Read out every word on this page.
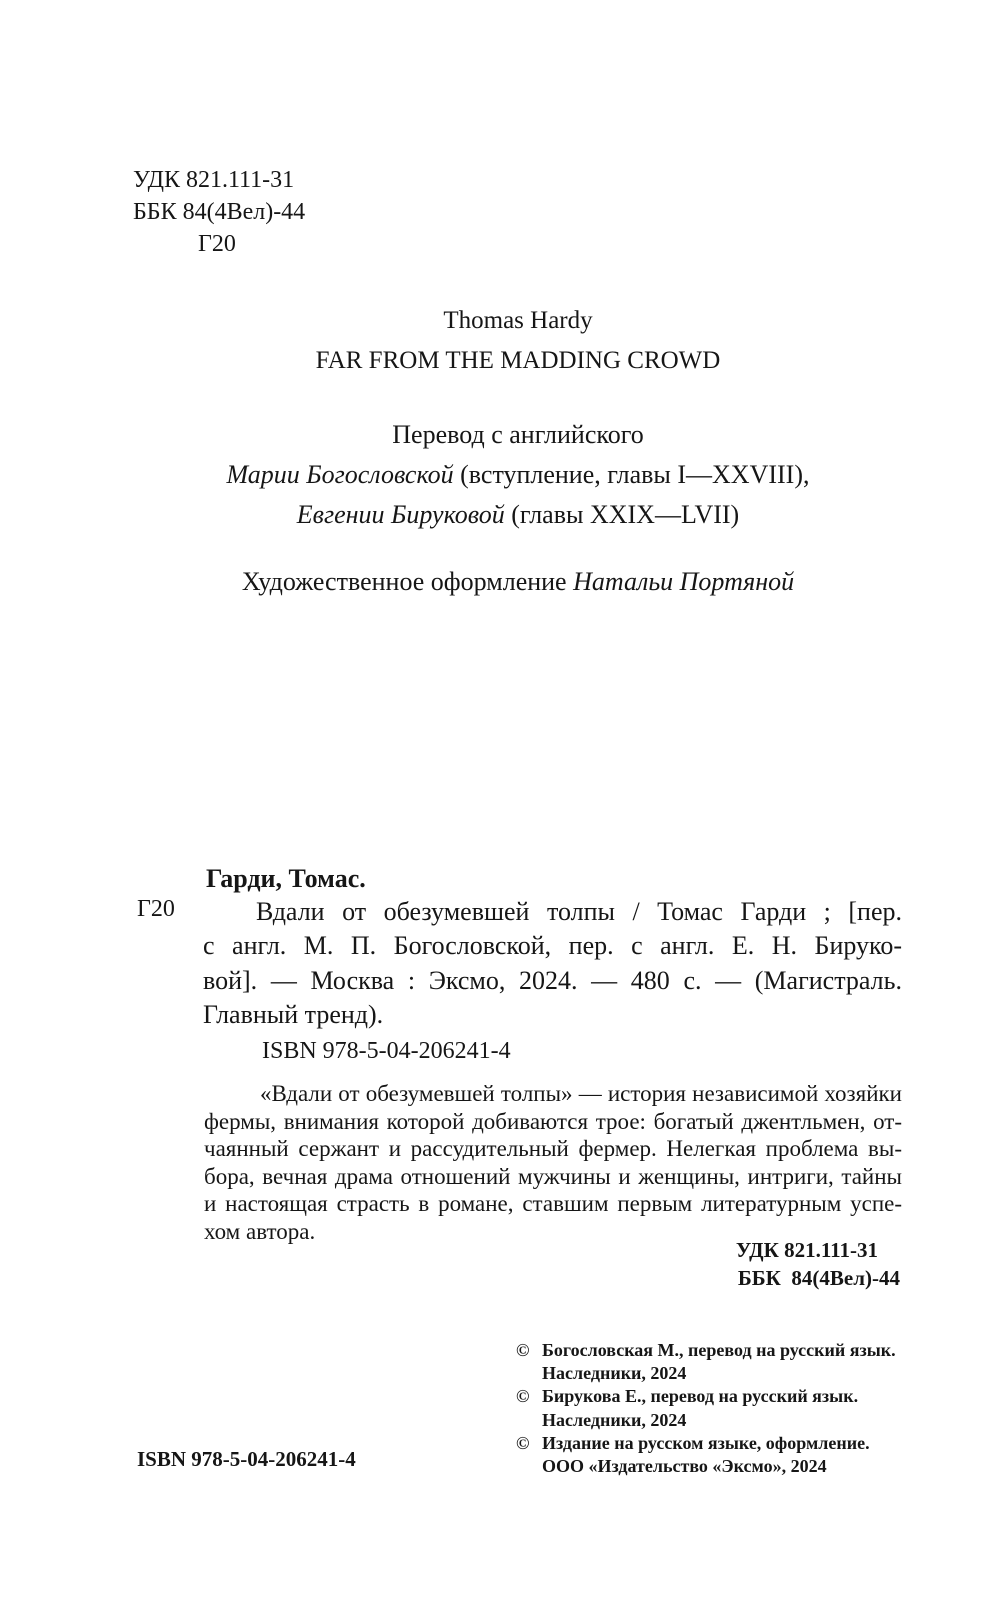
УДК 821.111-31
ББК 84(4Вел)-44
Г20
Thomas Hardy
FAR FROM THE MADDING CROWD
Перевод с английского
Марии Богословской (вступление, главы I—XXVIII),
Евгении Бируковой (главы XXIX—LVII)
Художественное оформление Натальи Портяной
Гарди, Томас.
Г20	Вдали от обезумевшей толпы / Томас Гарди ; [пер.
с англ. М. П. Богословской, пер. с англ. Е. Н. Бируко-
вой]. — Москва : Эксмо, 2024. — 480 с. — (Магистраль.
Главный тренд).
ISBN 978-5-04-206241-4
«Вдали от обезумевшей толпы» — история независимой хозяйки
фермы, внимания которой добиваются трое: богатый джентльмен, от-
чаянный сержант и рассудительный фермер. Нелегкая проблема вы-
бора, вечная драма отношений мужчины и женщины, интриги, тайны
и настоящая страсть в романе, ставшим первым литературным успе-
хом автора.
УДК 821.111-31
ББК  84(4Вел)-44
© Богословская М., перевод на русский язык.
Наследники, 2024
© Бирукова Е., перевод на русский язык.
Наследники, 2024
© Издание на русском языке, оформление.
ООО «Издательство «Эксмо», 2024
ISBN 978-5-04-206241-4
